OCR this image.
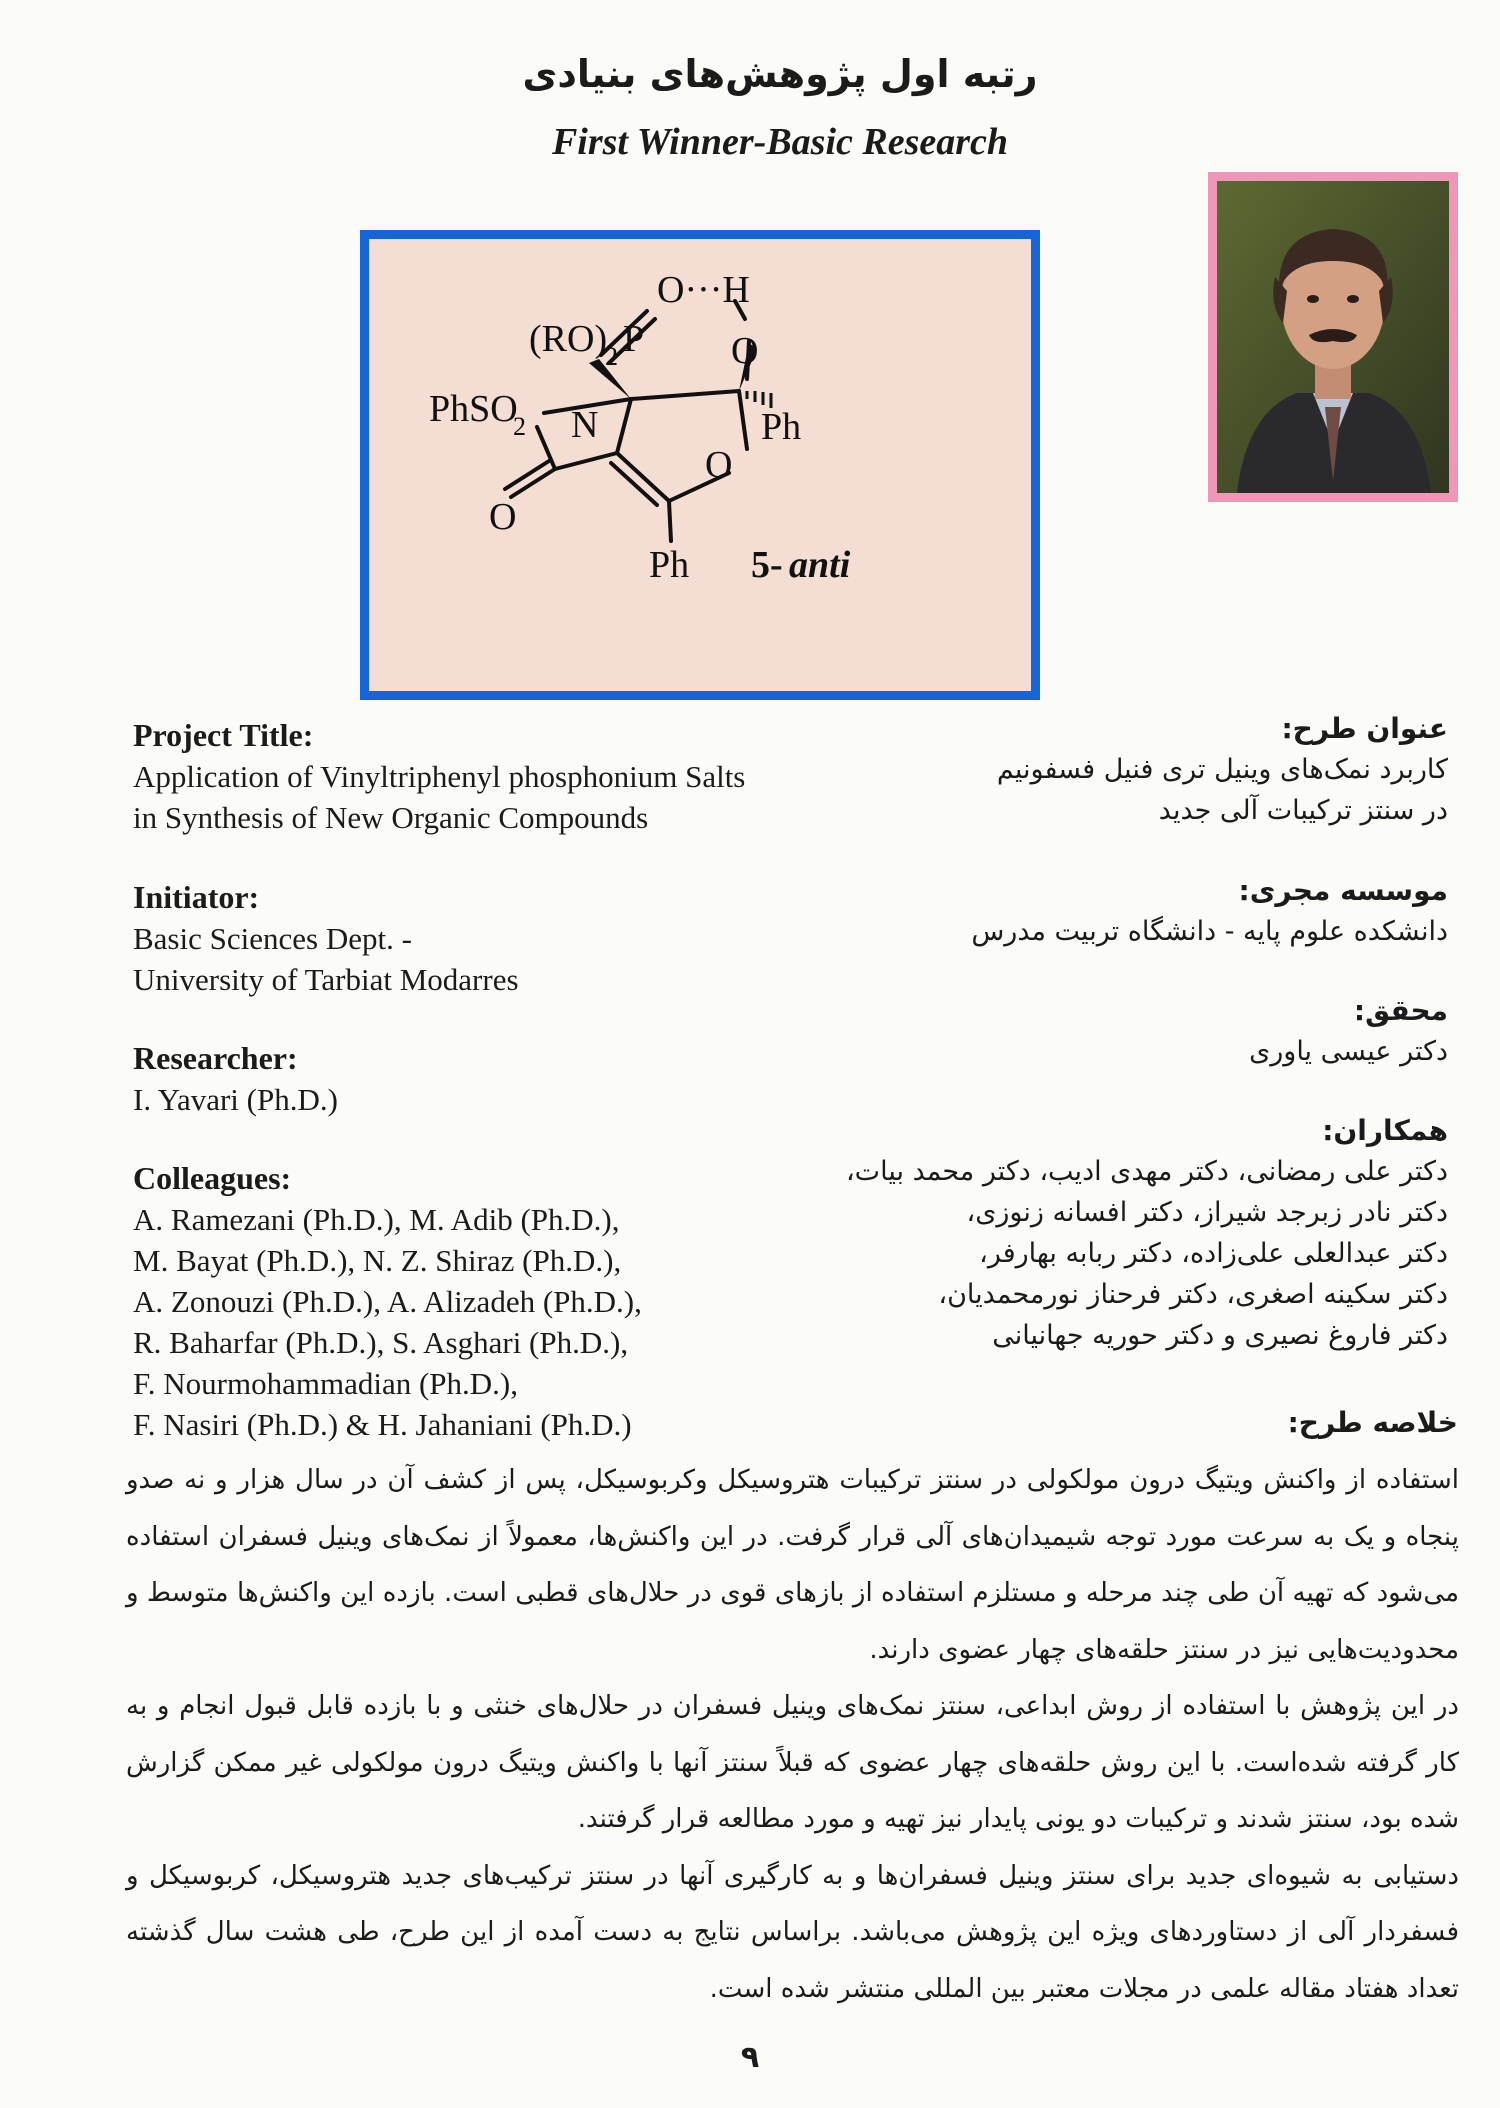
رتبه اول پژوهش‌های بنیادی
First Winner-Basic Research
O···H
(RO)
2 P O
PhSO
2 N	Ph
O
O
Ph 5- anti
Project Title:
Application of Vinyltriphenyl phosphonium Salts
in Synthesis of New Organic Compounds
Initiator:
Basic Sciences Dept. -
University of Tarbiat Modarres
Researcher:
I. Yavari (Ph.D.)
Colleagues:
A. Ramezani (Ph.D.), M. Adib (Ph.D.),
M. Bayat (Ph.D.), N. Z. Shiraz (Ph.D.),
A. Zonouzi (Ph.D.), A. Alizadeh (Ph.D.),
R. Baharfar (Ph.D.), S. Asghari (Ph.D.),
F. Nourmohammadian (Ph.D.),
F. Nasiri (Ph.D.) & H. Jahaniani (Ph.D.)
عنوان طرح:
کاربرد نمک‌های وینیل تری فنیل فسفونیم
در سنتز ترکیبات آلی جدید
موسسه مجری:
دانشکده علوم پایه - دانشگاه تربیت مدرس
محقق:
دکتر عیسی یاوری
همکاران:
دکتر علی رمضانی، دکتر مهدی ادیب، دکتر محمد بیات،
دکتر نادر زبرجد شیراز، دکتر افسانه زنوزی،
دکتر عبدالعلی علی‌زاده، دکتر ربابه بهارفر،
دکتر سکینه اصغری، دکتر فرحناز نورمحمدیان،
دکتر فاروغ نصیری و دکتر حوریه جهانیانی
خلاصه طرح:

استفاده از واکنش ویتیگ درون مولکولی در سنتز ترکیبات هتروسیکل وکربوسیکل، پس از کشف آن در سال هزار و نه صدو پنجاه و یک به سرعت مورد توجه شیمیدان‌های آلی قرار گرفت. در این واکنش‌ها، معمولاً از نمک‌های وینیل فسفران استفاده می‌شود که تهیه آن طی چند مرحله و مستلزم استفاده از بازهای قوی در حلال‌های قطبی است. بازده این واکنش‌ها متوسط و محدودیت‌هایی نیز در سنتز حلقه‌های چهار عضوی دارند.

در این پژوهش با استفاده از روش ابداعی، سنتز نمک‌های وینیل فسفران در حلال‌های خنثی و با بازده قابل قبول انجام و به کار گرفته شده‌است. با این روش حلقه‌های چهار عضوی که قبلاً سنتز آنها با واکنش ویتیگ درون مولکولی غیر ممکن گزارش شده بود، سنتز شدند و ترکیبات دو یونی پایدار نیز تهیه و مورد مطالعه قرار گرفتند.

دستیابی به شیوه‌ای جدید برای سنتز وینیل فسفران‌ها و به کارگیری آنها در سنتز ترکیب‌های جدید هتروسیکل، کربوسیکل و فسفردار آلی از دستاوردهای ویژه این پژوهش می‌باشد. براساس نتایج به دست آمده از این طرح، طی هشت سال گذشته تعداد هفتاد مقاله علمی در مجلات معتبر بین المللی منتشر شده است.

۹
